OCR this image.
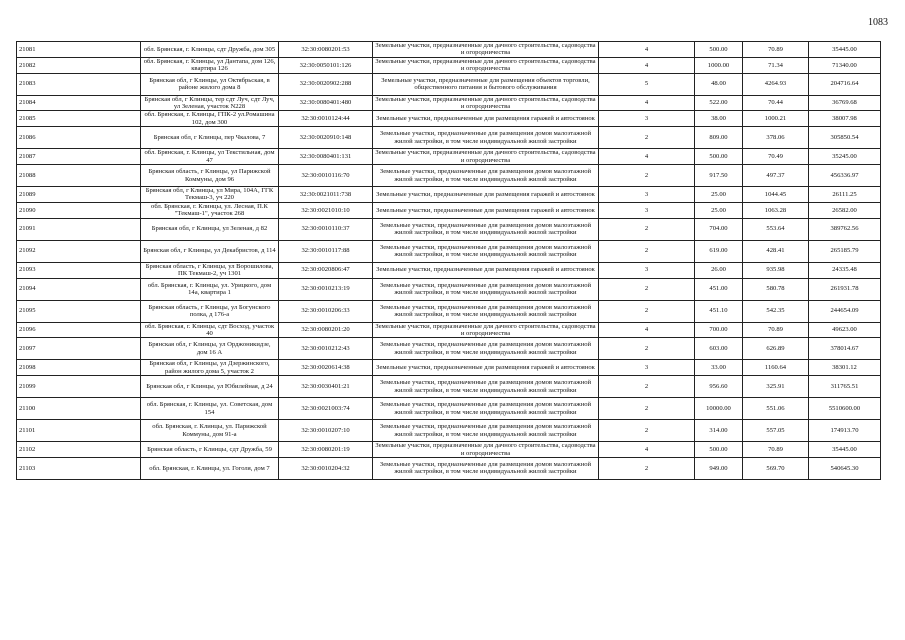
1083
21081	обл. Брянская, г. Клинцы, сдт Дружба, дом 305	32:30:0080201:53	Земельные участки, предназначенные для дачного строительства, садоводства и огородничества	4	500.00	70.89	35445.00
21082	обл. Брянская, г. Клинцы, ул Дантапа, дом 126, квартира 126	32:30:0050101:126	Земельные участки, предназначенные для дачного строительства, садоводства и огородничества	4	1000.00	71.34	71340.00
21083	Брянская обл, г Клинцы, ул Октябрьская, в районе жилого дома 8	32:30:0020902:288	Земельные участки, предназначенные для размещения объектов торговли, общественного питания и бытового обслуживания	5	48.00	4264.93	204716.64
21084	Брянская обл, г Клинцы, тер сдт Луч, сдт Луч, ул Зеленая, участок N228	32:30:0080401:480	Земельные участки, предназначенные для дачного строительства, садоводства и огородничества	4	522.00	70.44	36769.68
21085	обл. Брянская, г. Клинцы, ГПК-2 ул.Ромашина 102, дом 300	32:30:0010124:44	Земельные участки, предназначенные для размещения гаражей и автостоянок	3	38.00	1000.21	38007.98
21086	Брянская обл, г Клинцы, пер Чкалова, 7	32:30:0020910:148	Земельные участки, предназначенные для размещения домов малоэтажной жилой застройки, в том числе индивидуальной жилой застройки	2	809.00	378.06	305850.54
21087	обл. Брянская, г. Клинцы, ул Текстильная, дом 47	32:30:0080401:131	Земельные участки, предназначенные для дачного строительства, садоводства и огородничества	4	500.00	70.49	35245.00
21088	Брянская область, г Клинцы, ул Парижской Коммуны, дом 96	32:30:0010116:70	Земельные участки, предназначенные для размещения домов малоэтажной жилой застройки, в том числе индивидуальной жилой застройки	2	917.50	497.37	456336.97
21089	Брянская обл, г Клинцы, ул Мира, 104А, ГГК Текмаш-3, уч 220	32:30:0021011:738	Земельные участки, предназначенные для размещения гаражей и автостоянок	3	25.00	1044.45	26111.25
21090	обл. Брянская, г. Клинцы, ул. Лесная, П.К "Текмаш-1", участок 268	32:30:0021010:10	Земельные участки, предназначенные для размещения гаражей и автостоянок	3	25.00	1063.28	26582.00
21091	Брянская обл, г Клинцы, ул Зеленая, д 82	32:30:0010110:37	Земельные участки, предназначенные для размещения домов малоэтажной жилой застройки, в том числе индивидуальной жилой застройки	2	704.00	553.64	389762.56
21092	Брянская обл, г Клинцы, ул Декабристов, д 114	32:30:0010117:88	Земельные участки, предназначенные для размещения домов малоэтажной жилой застройки, в том числе индивидуальной жилой застройки	2	619.00	428.41	265185.79
21093	Брянская область, г Клинцы, ул Ворошилова, ПК Текмаш-2, уч 1301	32:30:0020806:47	Земельные участки, предназначенные для размещения гаражей и автостоянок	3	26.00	935.98	24335.48
21094	обл. Брянская, г. Клинцы, ул. Урицкого, дом 14а, квартира 1	32:30:0010213:19	Земельные участки, предназначенные для размещения домов малоэтажной жилой застройки, в том числе индивидуальной жилой застройки	2	451.00	580.78	261931.78
21095	Брянская область, г Клинцы, ул Богунского полка, д 176-а	32:30:0010206:33	Земельные участки, предназначенные для размещения домов малоэтажной жилой застройки, в том числе индивидуальной жилой застройки	2	451.10	542.35	244654.09
21096	обл. Брянская, г. Клинцы, сдт Восход, участок 40	32:30:0080201:20	Земельные участки, предназначенные для дачного строительства, садоводства и огородничества	4	700.00	70.89	49623.00
21097	Брянская обл, г Клинцы, ул Орджоникидзе, дом 16 А	32:30:0010212:43	Земельные участки, предназначенные для размещения домов малоэтажной жилой застройки, в том числе индивидуальной жилой застройки	2	603.00	626.89	378014.67
21098	Брянская обл, г Клинцы, ул Дзержинского, район жилого дома 5, участок 2	32:30:0020614:38	Земельные участки, предназначенные для размещения гаражей и автостоянок	3	33.00	1160.64	38301.12
21099	Брянская обл, г Клинцы, ул Юбилейная, д 24	32:30:0030401:21	Земельные участки, предназначенные для размещения домов малоэтажной жилой застройки, в том числе индивидуальной жилой застройки	2	956.60	325.91	311765.51
21100	обл. Брянская, г. Клинцы, ул. Советская, дом 154	32:30:0021003:74	Земельные участки, предназначенные для размещения домов малоэтажной жилой застройки, в том числе индивидуальной жилой застройки	2	10000.00	551.06	5510600.00
21101	обл. Брянская, г. Клинцы, ул. Парижской Коммуны, дом 91-а	32:30:0010207:10	Земельные участки, предназначенные для размещения домов малоэтажной жилой застройки, в том числе индивидуальной жилой застройки	2	314.00	557.05	174913.70
21102	Брянская область, г Клинцы, сдт Дружба, 59	32:30:0080201:19	Земельные участки, предназначенные для дачного строительства, садоводства и огородничества	4	500.00	70.89	35445.00
21103	обл. Брянская, г. Клинцы, ул. Гоголя, дом 7	32:30:0010204:32	Земельные участки, предназначенные для размещения домов малоэтажной жилой застройки, в том числе индивидуальной жилой застройки	2	949.00	569.70	540645.30
